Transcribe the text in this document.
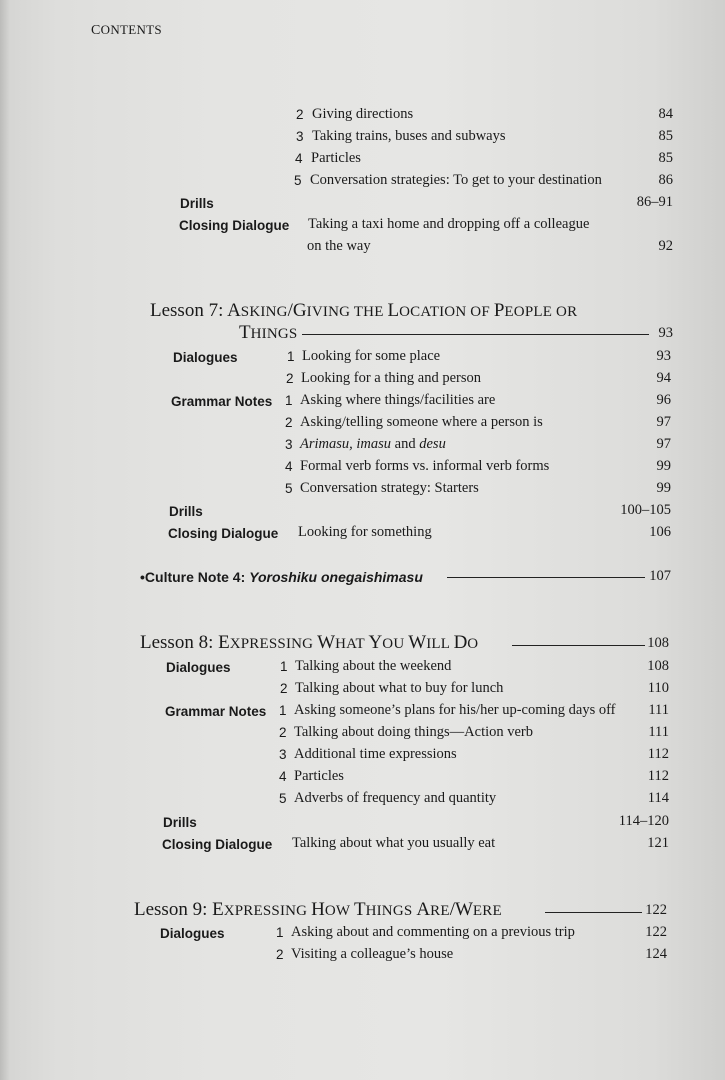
CONTENTS
2 Giving directions	84
3 Taking trains, buses and subways	85
4 Particles	85
5 Conversation strategies: To get to your destination	86
Drills	86–91
Closing Dialogue Taking a taxi home and dropping off a colleague
on the way	92
Lesson 7: ASKING/GIVING THE LOCATION OF PEOPLE OR
THINGS	93
Dialogues	1 Looking for some place	93
2 Looking for a thing and person	94
Grammar Notes 1 Asking where things/facilities are	96
2 Asking/telling someone where a person is	97
3 Arimasu, imasu and desu	97
4 Formal verb forms vs. informal verb forms	99
5 Conversation strategy: Starters	99
Drills	100–105
Closing Dialogue Looking for something	106
•Culture Note 4: Yoroshiku onegaishimasu	107
Lesson 8: EXPRESSING WHAT YOU WILL DO	108
Dialogues	1 Talking about the weekend	108
2 Talking about what to buy for lunch	110
Grammar Notes 1 Asking someone’s plans for his/her up-coming days off 111
2 Talking about doing things—Action verb	111
3 Additional time expressions	112
4 Particles	112
5 Adverbs of frequency and quantity	114
Drills	114–120
Closing Dialogue Talking about what you usually eat	121
Lesson 9: EXPRESSING HOW THINGS ARE/WERE	122
Dialogues	1 Asking about and commenting on a previous trip	122
2 Visiting a colleague’s house	124
